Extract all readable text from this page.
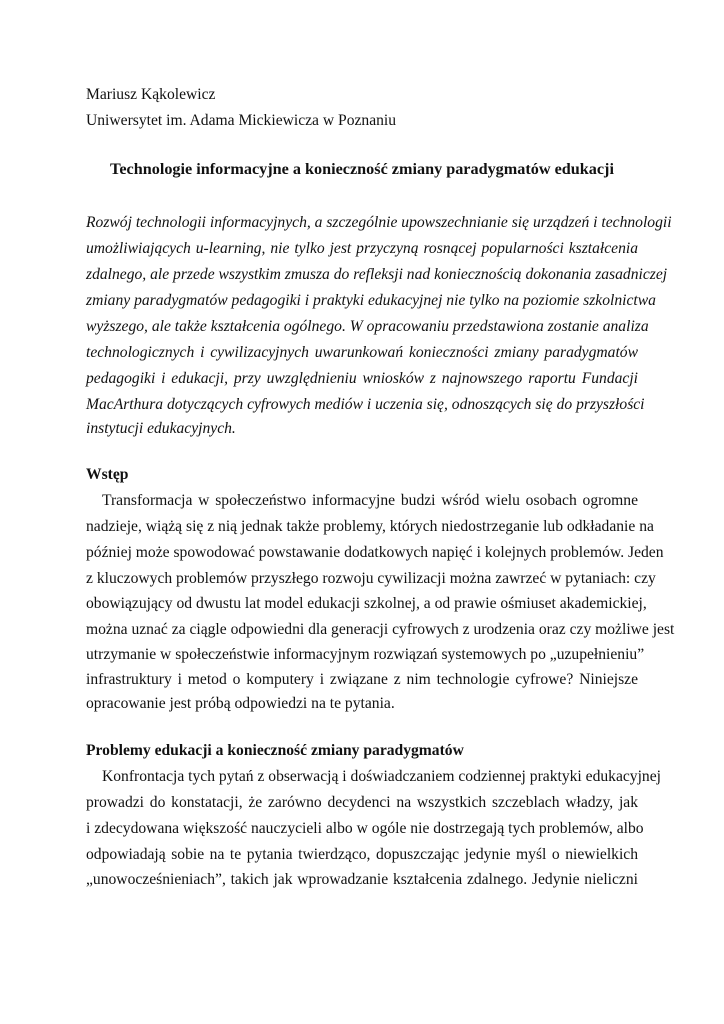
Mariusz Kąkolewicz
Uniwersytet im. Adama Mickiewicza w Poznaniu
Technologie informacyjne a konieczność zmiany paradygmatów edukacji
Rozwój technologii informacyjnych, a szczególnie upowszechnianie się urządzeń i technologii
umożliwiających u-learning, nie tylko jest przyczyną rosnącej popularności kształcenia
zdalnego, ale przede wszystkim zmusza do refleksji nad koniecznością dokonania zasadniczej
zmiany paradygmatów pedagogiki i praktyki edukacyjnej nie tylko na poziomie szkolnictwa
wyższego, ale także kształcenia ogólnego. W opracowaniu przedstawiona zostanie analiza
technologicznych i cywilizacyjnych uwarunkowań konieczności zmiany paradygmatów
pedagogiki i edukacji, przy uwzględnieniu wniosków z najnowszego raportu Fundacji
MacArthura dotyczących cyfrowych mediów i uczenia się, odnoszących się do przyszłości
instytucji edukacyjnych.
Wstęp
Transformacja w społeczeństwo informacyjne budzi wśród wielu osobach ogromne
nadzieje, wiążą się z nią jednak także problemy, których niedostrzeganie lub odkładanie na
później może spowodować powstawanie dodatkowych napięć i kolejnych problemów. Jeden
z kluczowych problemów przyszłego rozwoju cywilizacji można zawrzeć w pytaniach: czy
obowiązujący od dwustu lat model edukacji szkolnej, a od prawie ośmiuset akademickiej,
można uznać za ciągle odpowiedni dla generacji cyfrowych z urodzenia oraz czy możliwe jest
utrzymanie w społeczeństwie informacyjnym rozwiązań systemowych po „uzupełnieniu”
infrastruktury i metod o komputery i związane z nim technologie cyfrowe? Niniejsze
opracowanie jest próbą odpowiedzi na te pytania.
Problemy edukacji a konieczność zmiany paradygmatów
Konfrontacja tych pytań z obserwacją i doświadczaniem codziennej praktyki edukacyjnej
prowadzi do konstatacji, że zarówno decydenci na wszystkich szczeblach władzy, jak
i zdecydowana większość nauczycieli albo w ogóle nie dostrzegają tych problemów, albo
odpowiadają sobie na te pytania twierdząco, dopuszczając jedynie myśl o niewielkich
„unowocześnieniach”, takich jak wprowadzanie kształcenia zdalnego. Jedynie nieliczni
